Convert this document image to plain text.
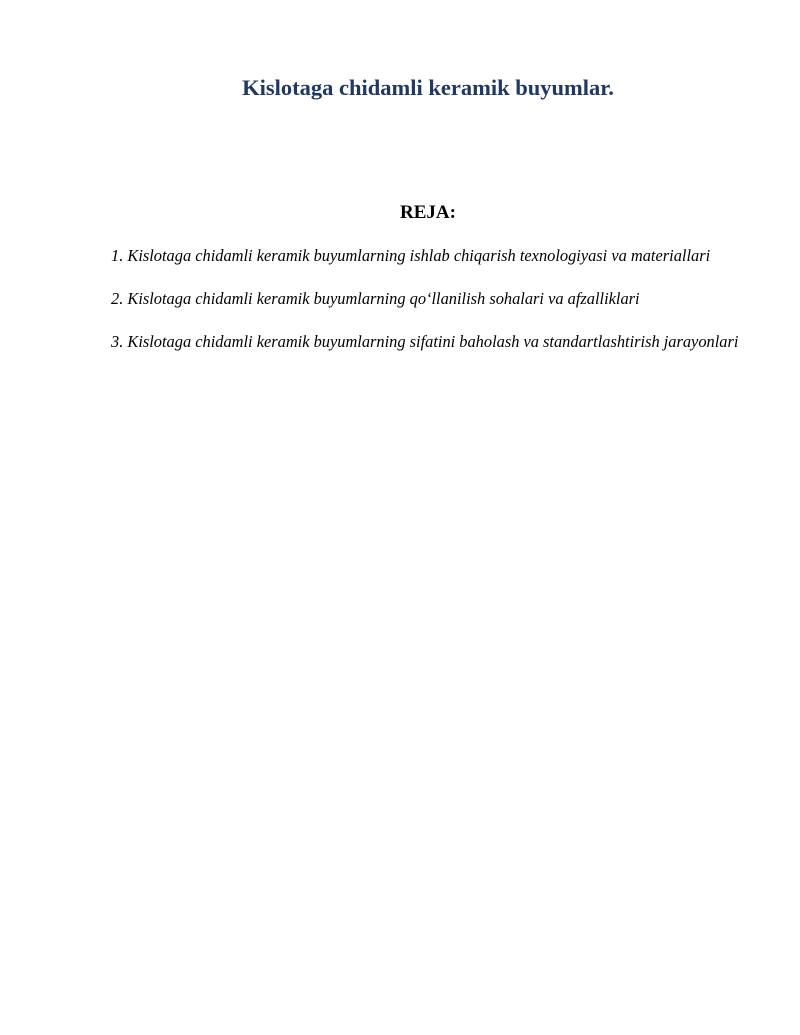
Kislotaga chidamli keramik buyumlar.
REJA:
1. Kislotaga chidamli keramik buyumlarning ishlab chiqarish texnologiyasi va materiallari
2. Kislotaga chidamli keramik buyumlarning qo‘llanilish sohalari va afzalliklari
3. Kislotaga chidamli keramik buyumlarning sifatini baholash va standartlashtirish jarayonlari
